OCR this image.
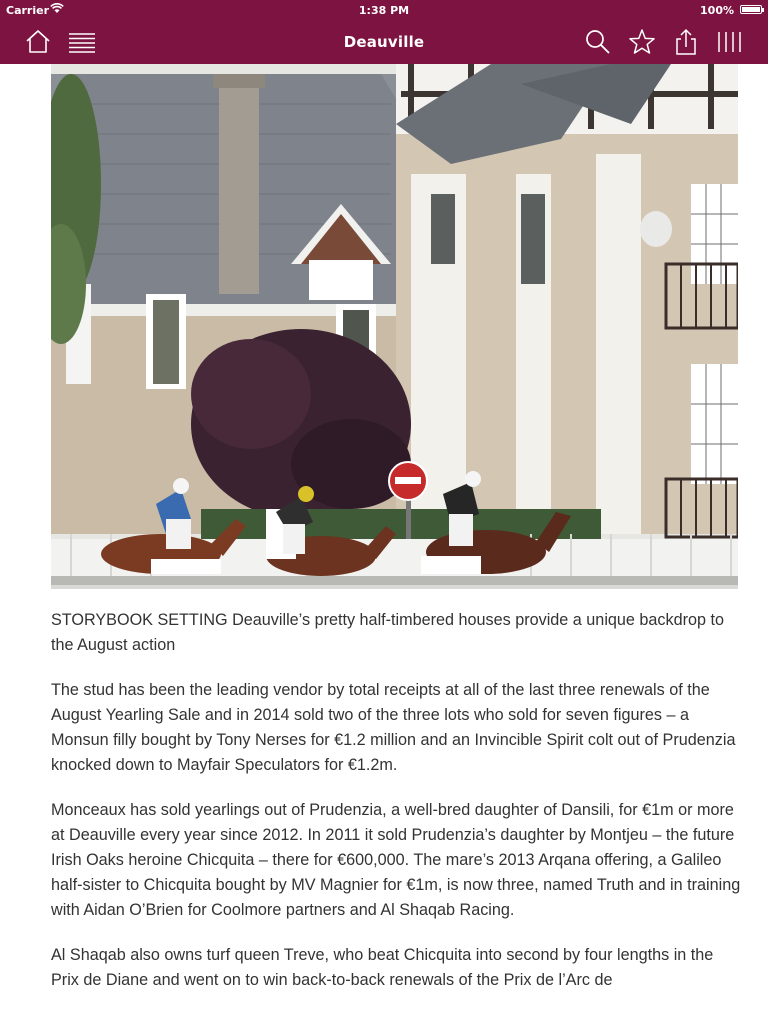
Carrier	1:38 PM	100%
Deauville

STORYBOOK SETTING Deauville’s pretty half-timbered houses provide a unique backdrop to the August action

The stud has been the leading vendor by total receipts at all of the last three renewals of the August Yearling Sale and in 2014 sold two of the three lots who sold for seven figures – a Monsun filly bought by Tony Nerses for €1.2 million and an Invincible Spirit colt out of Prudenzia knocked down to Mayfair Speculators for €1.2m.

Monceaux has sold yearlings out of Prudenzia, a well-bred daughter of Dansili, for €1m or more at Deauville every year since 2012. In 2011 it sold Prudenzia’s daughter by Montjeu – the future Irish Oaks heroine Chicquita – there for €600,000. The mare’s 2013 Arqana offering, a Galileo half-sister to Chicquita bought by MV Magnier for €1m, is now three, named Truth and in training with Aidan O’Brien for Coolmore partners and Al Shaqab Racing.

Al Shaqab also owns turf queen Treve, who beat Chicquita into second by four lengths in the Prix de Diane and went on to win back-to-back renewals of the Prix de l’Arc de
